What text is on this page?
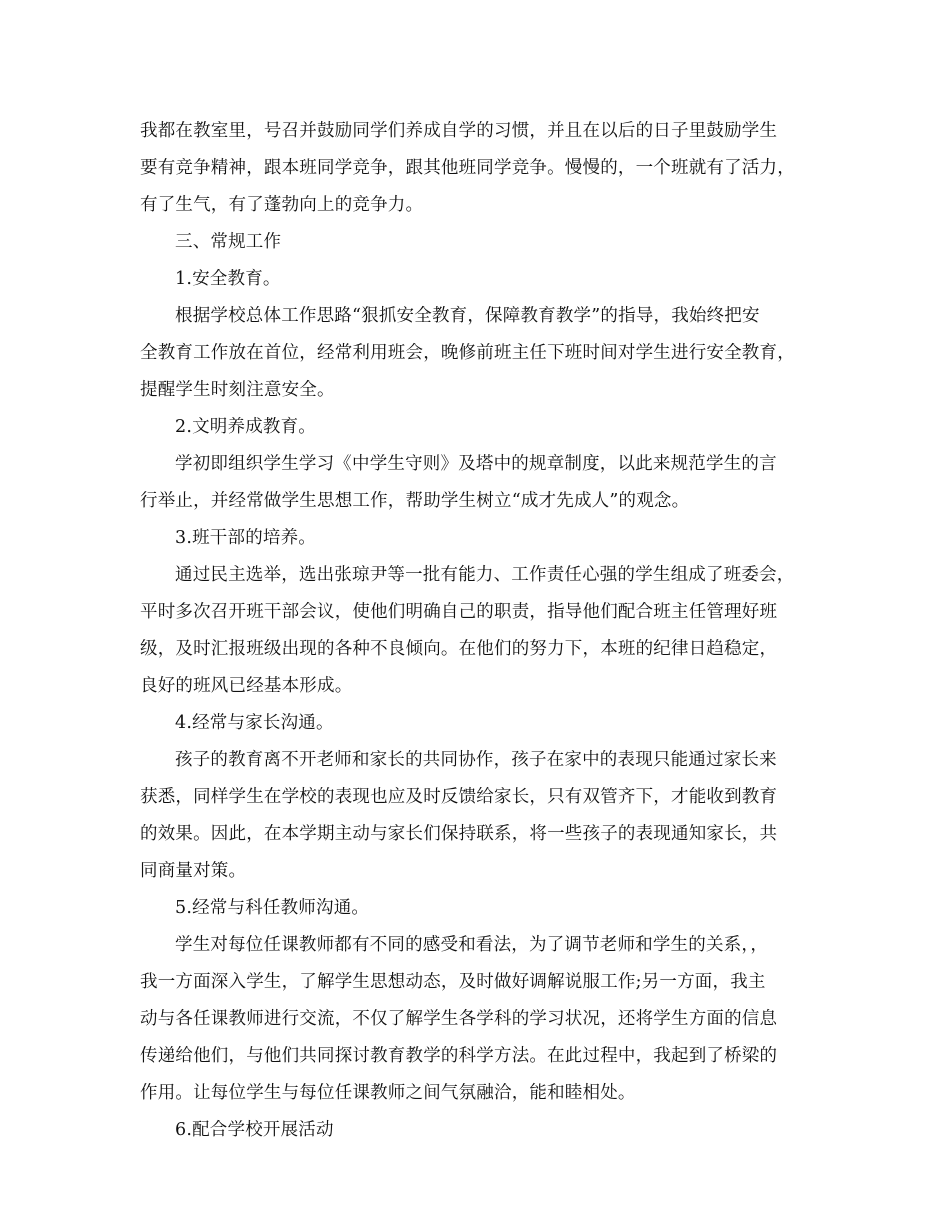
我都在教室里，号召并鼓励同学们养成自学的习惯，并且在以后的日子里鼓励学生
要有竞争精神，跟本班同学竞争，跟其他班同学竞争。慢慢的，一个班就有了活力，
有了生气，有了蓬勃向上的竞争力。
三、常规工作
1.安全教育。
根据学校总体工作思路“狠抓安全教育，保障教育教学”的指导，我始终把安
全教育工作放在首位，经常利用班会，晚修前班主任下班时间对学生进行安全教育，
提醒学生时刻注意安全。
2.文明养成教育。
学初即组织学生学习《中学生守则》及塔中的规章制度，以此来规范学生的言
行举止，并经常做学生思想工作，帮助学生树立“成才先成人”的观念。
3.班干部的培养。
通过民主选举，选出张琼尹等一批有能力、工作责任心强的学生组成了班委会，
平时多次召开班干部会议，使他们明确自己的职责，指导他们配合班主任管理好班
级，及时汇报班级出现的各种不良倾向。在他们的努力下，本班的纪律日趋稳定，
良好的班风已经基本形成。
4.经常与家长沟通。
孩子的教育离不开老师和家长的共同协作，孩子在家中的表现只能通过家长来
获悉，同样学生在学校的表现也应及时反馈给家长，只有双管齐下，才能收到教育
的效果。因此，在本学期主动与家长们保持联系，将一些孩子的表现通知家长，共
同商量对策。
5.经常与科任教师沟通。
学生对每位任课教师都有不同的感受和看法，为了调节老师和学生的关系，，
我一方面深入学生，了解学生思想动态，及时做好调解说服工作;另一方面，我主
动与各任课教师进行交流，不仅了解学生各学科的学习状况，还将学生方面的信息
传递给他们，与他们共同探讨教育教学的科学方法。在此过程中，我起到了桥梁的
作用。让每位学生与每位任课教师之间气氛融洽，能和睦相处。
6.配合学校开展活动
